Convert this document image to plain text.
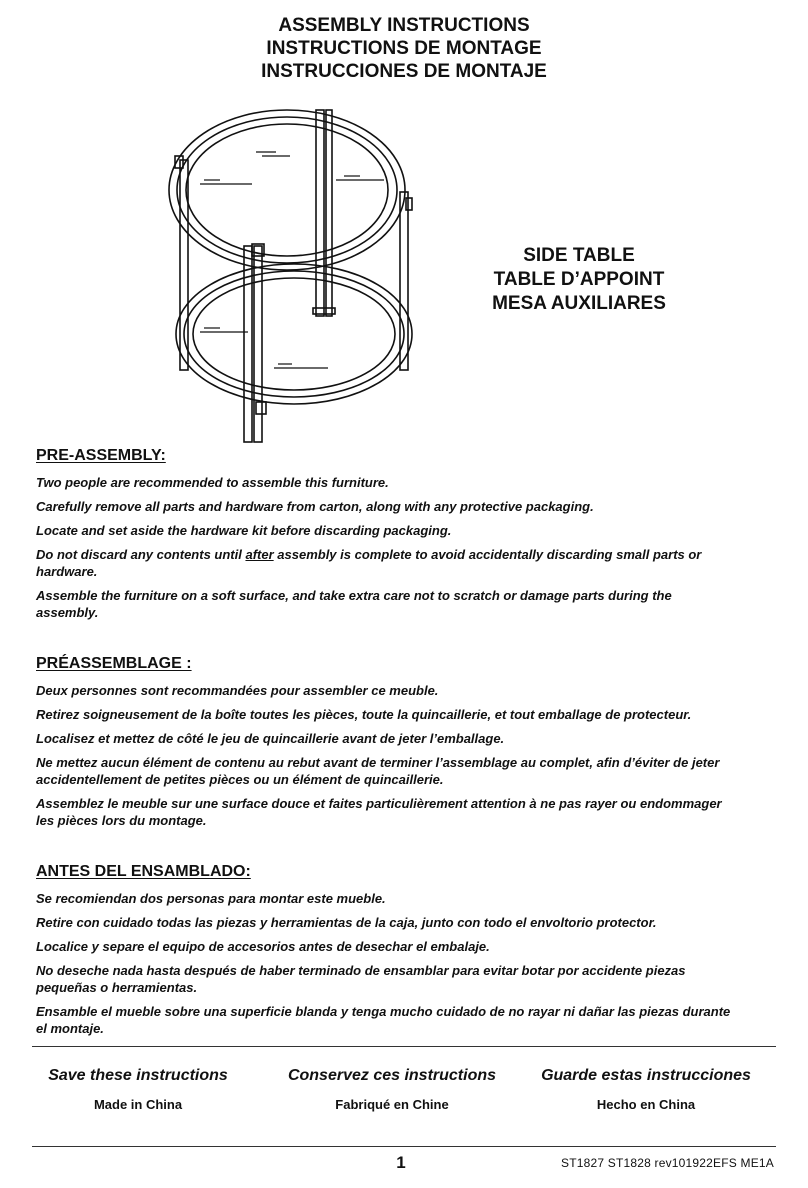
ASSEMBLY INSTRUCTIONS
INSTRUCTIONS DE MONTAGE
INSTRUCCIONES DE MONTAJE
SIDE TABLE
TABLE D’APPOINT
MESA AUXILIARES
PRE-ASSEMBLY:

Two people are recommended to assemble this furniture.

Carefully remove all parts and hardware from carton, along with any protective packaging.

Locate and set aside the hardware kit before discarding packaging.

Do not discard any contents until after assembly is complete to avoid accidentally discarding small parts or hardware.

Assemble the furniture on a soft surface, and take extra care not to scratch or damage parts during the assembly.

PRÉASSEMBLAGE :

Deux personnes sont recommandées pour assembler ce meuble.

Retirez soigneusement de la boîte toutes les pièces, toute la quincaillerie, et tout emballage de protecteur.

Localisez et mettez de côté le jeu de quincaillerie avant de jeter l’emballage.

Ne mettez aucun élément de contenu au rebut avant de terminer l’assemblage au complet, afin d’éviter de jeter accidentellement de petites pièces ou un élément de quincaillerie.

Assemblez le meuble sur une surface douce et faites particulièrement attention à ne pas rayer ou endommager les pièces lors du montage.

ANTES DEL ENSAMBLADO:

Se recomiendan dos personas para montar este mueble.

Retire con cuidado todas las piezas y herramientas de la caja, junto con todo el envoltorio protector.

Localice y separe el equipo de accesorios antes de desechar el embalaje.

No deseche nada hasta después de haber terminado de ensamblar para evitar botar por accidente piezas pequeñas o herramientas.

Ensamble el mueble sobre una superficie blanda y tenga mucho cuidado de no rayar ni dañar las piezas durante el montaje.

Save these instructions
Made in China
Conservez ces instructions
Fabriqué en Chine
Guarde estas instrucciones
Hecho en China
1	ST1827 ST1828 rev101922EFS ME1A
